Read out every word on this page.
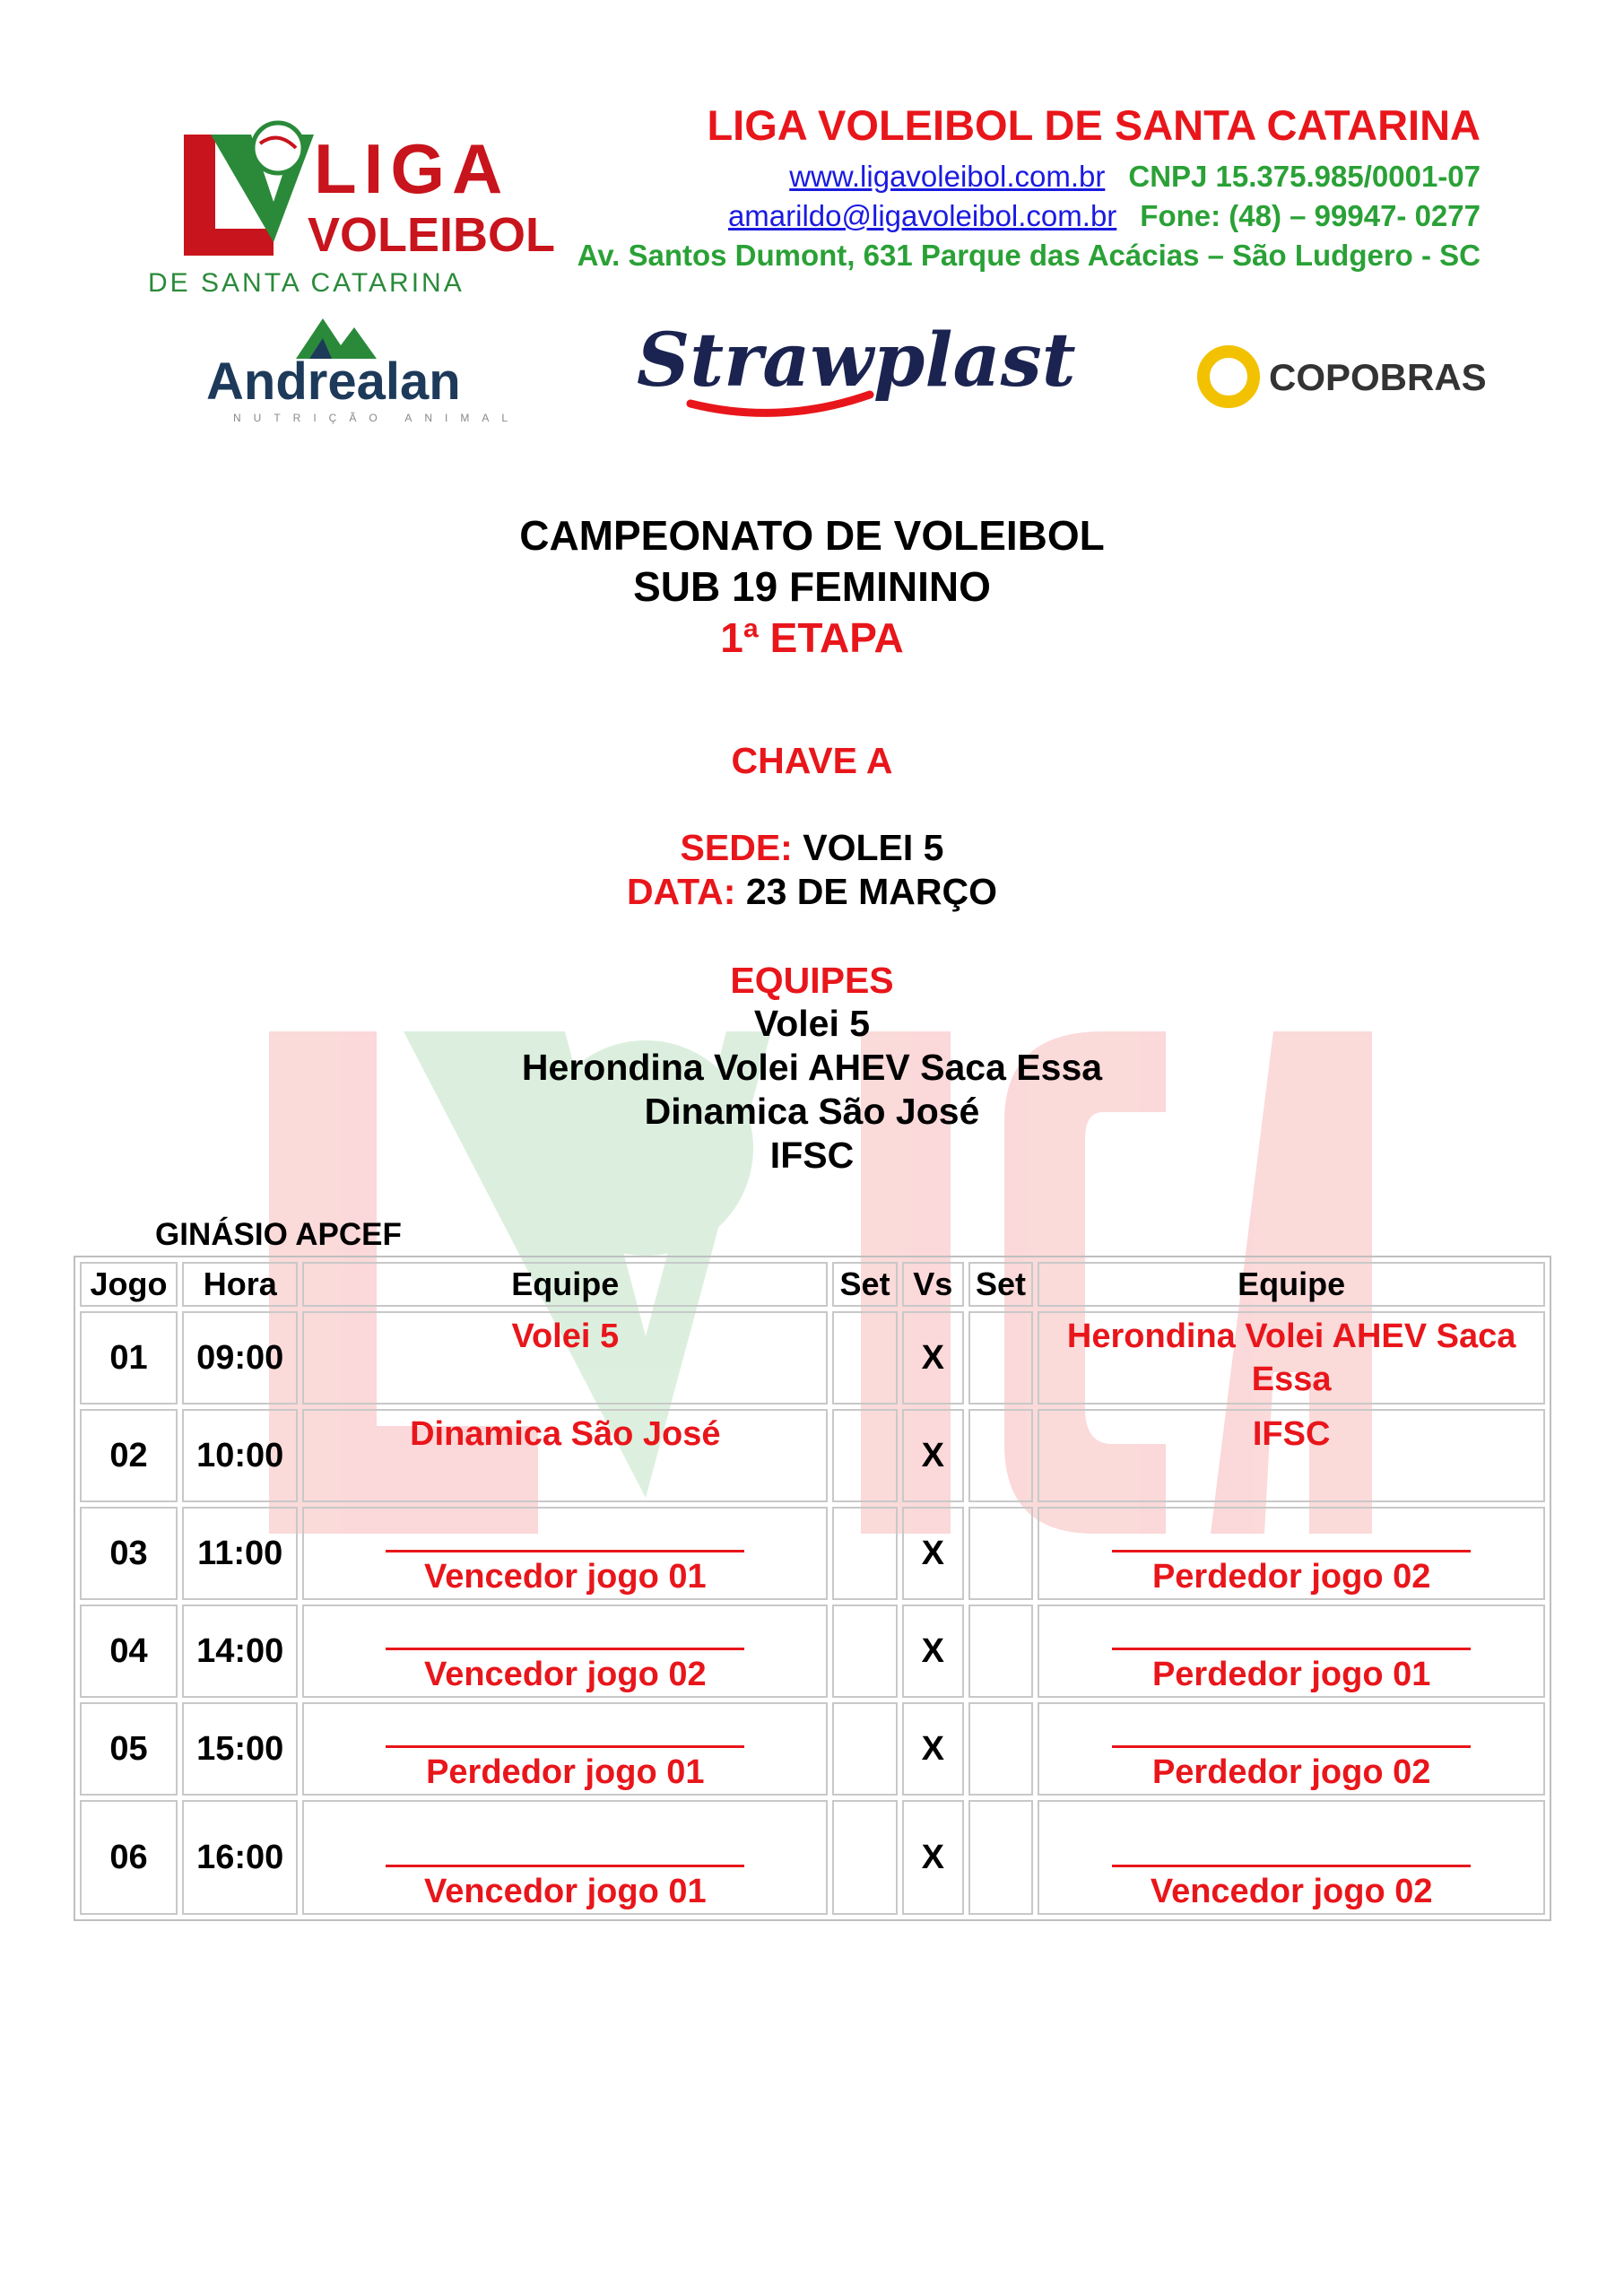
LIGA
VOLEIBOL
DE SANTA CATARINA
LIGA VOLEIBOL DE SANTA CATARINA
www.ligavoleibol.com.br CNPJ 15.375.985/0001-07
amarildo@ligavoleibol.com.br Fone: (48) – 99947- 0277
Av. Santos Dumont, 631 Parque das Acácias – São Ludgero - SC
Andrealan
NUTRIÇÃO ANIMAL
Strawplast	COPOBRAS
CAMPEONATO DE VOLEIBOL
SUB 19 FEMININO
1ª ETAPA
CHAVE A
SEDE: VOLEI 5
DATA: 23 DE MARÇO
EQUIPES
Volei 5
Herondina Volei AHEV Saca Essa
Dinamica São José
IFSC
GINÁSIO APCEF
Jogo	Hora	Equipe	Set	Vs	Set	Equipe
01	09:00	Volei 5		X		Herondina Volei AHEV Saca Essa
02	10:00	Dinamica São José		X		IFSC
03	11:00	Vencedor jogo 01		X		Perdedor jogo 02
04	14:00	Vencedor jogo 02		X		Perdedor jogo 01
05	15:00	Perdedor jogo 01		X		Perdedor jogo 02
06	16:00	Vencedor jogo 01		X		Vencedor jogo 02
